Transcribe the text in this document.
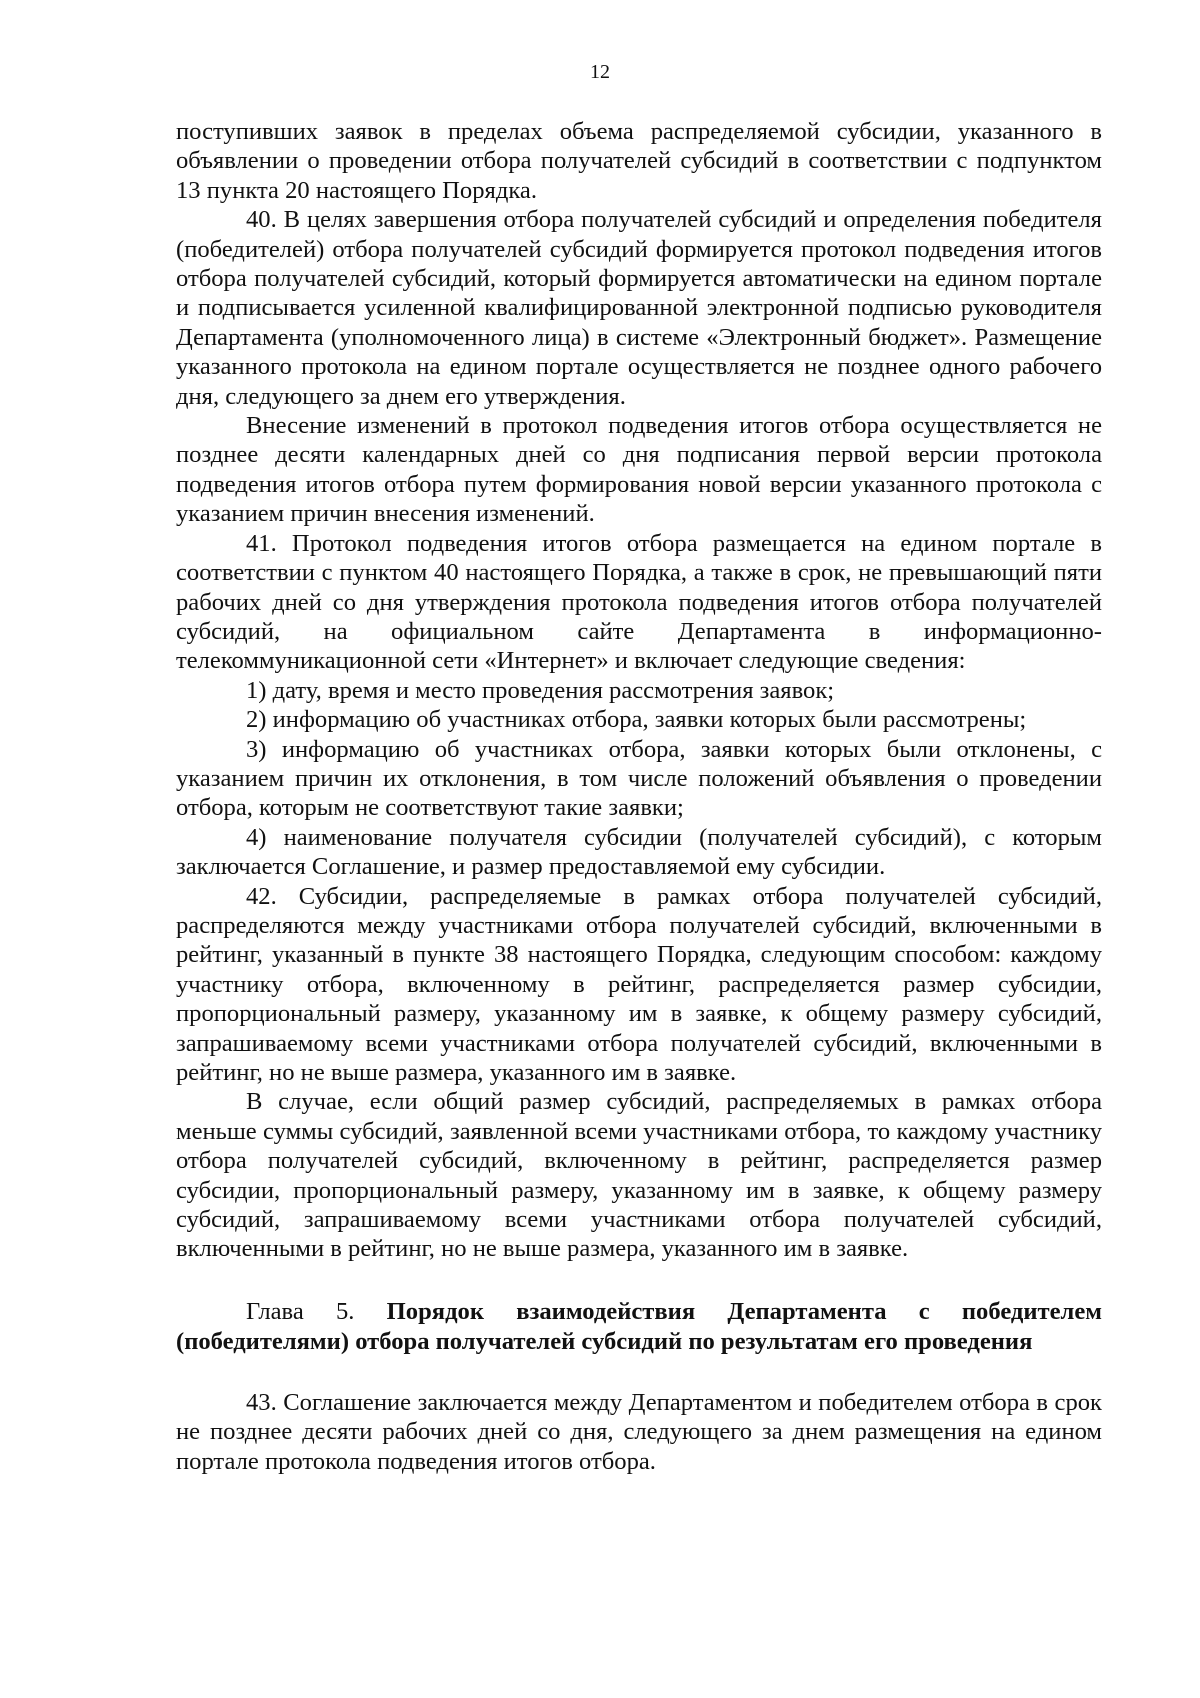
12

поступивших заявок в пределах объема распределяемой субсидии, указанного в объявлении о проведении отбора получателей субсидий в соответствии с подпунктом 13 пункта 20 настоящего Порядка.

40. В целях завершения отбора получателей субсидий и определения победителя (победителей) отбора получателей субсидий формируется протокол подведения итогов отбора получателей субсидий, который формируется автоматически на едином портале и подписывается усиленной квалифицированной электронной подписью руководителя Департамента (уполномоченного лица) в системе «Электронный бюджет». Размещение указанного протокола на едином портале осуществляется не позднее одного рабочего дня, следующего за днем его утверждения.

Внесение изменений в протокол подведения итогов отбора осуществляется не позднее десяти календарных дней со дня подписания первой версии протокола подведения итогов отбора путем формирования новой версии указанного протокола с указанием причин внесения изменений.

41. Протокол подведения итогов отбора размещается на едином портале в соответствии с пунктом 40 настоящего Порядка, а также в срок, не превышающий пяти рабочих дней со дня утверждения протокола подведения итогов отбора получателей субсидий, на официальном сайте Департамента в информационно-телекоммуникационной сети «Интернет» и включает следующие сведения:

1) дату, время и место проведения рассмотрения заявок;

2) информацию об участниках отбора, заявки которых были рассмотрены;

3) информацию об участниках отбора, заявки которых были отклонены, с указанием причин их отклонения, в том числе положений объявления о проведении отбора, которым не соответствуют такие заявки;

4) наименование получателя субсидии (получателей субсидий), с которым заключается Соглашение, и размер предоставляемой ему субсидии.

42. Субсидии, распределяемые в рамках отбора получателей субсидий, распределяются между участниками отбора получателей субсидий, включенными в рейтинг, указанный в пункте 38 настоящего Порядка, следующим способом: каждому участнику отбора, включенному в рейтинг, распределяется размер субсидии, пропорциональный размеру, указанному им в заявке, к общему размеру субсидий, запрашиваемому всеми участниками отбора получателей субсидий, включенными в рейтинг, но не выше размера, указанного им в заявке.

В случае, если общий размер субсидий, распределяемых в рамках отбора меньше суммы субсидий, заявленной всеми участниками отбора, то каждому участнику отбора получателей субсидий, включенному в рейтинг, распределяется размер субсидии, пропорциональный размеру, указанному им в заявке, к общему размеру субсидий, запрашиваемому всеми участниками отбора получателей субсидий, включенными в рейтинг, но не выше размера, указанного им в заявке.

Глава 5. Порядок взаимодействия Департамента с победителем (победителями) отбора получателей субсидий по результатам его проведения

43. Соглашение заключается между Департаментом и победителем отбора в срок не позднее десяти рабочих дней со дня, следующего за днем размещения на едином портале протокола подведения итогов отбора.
